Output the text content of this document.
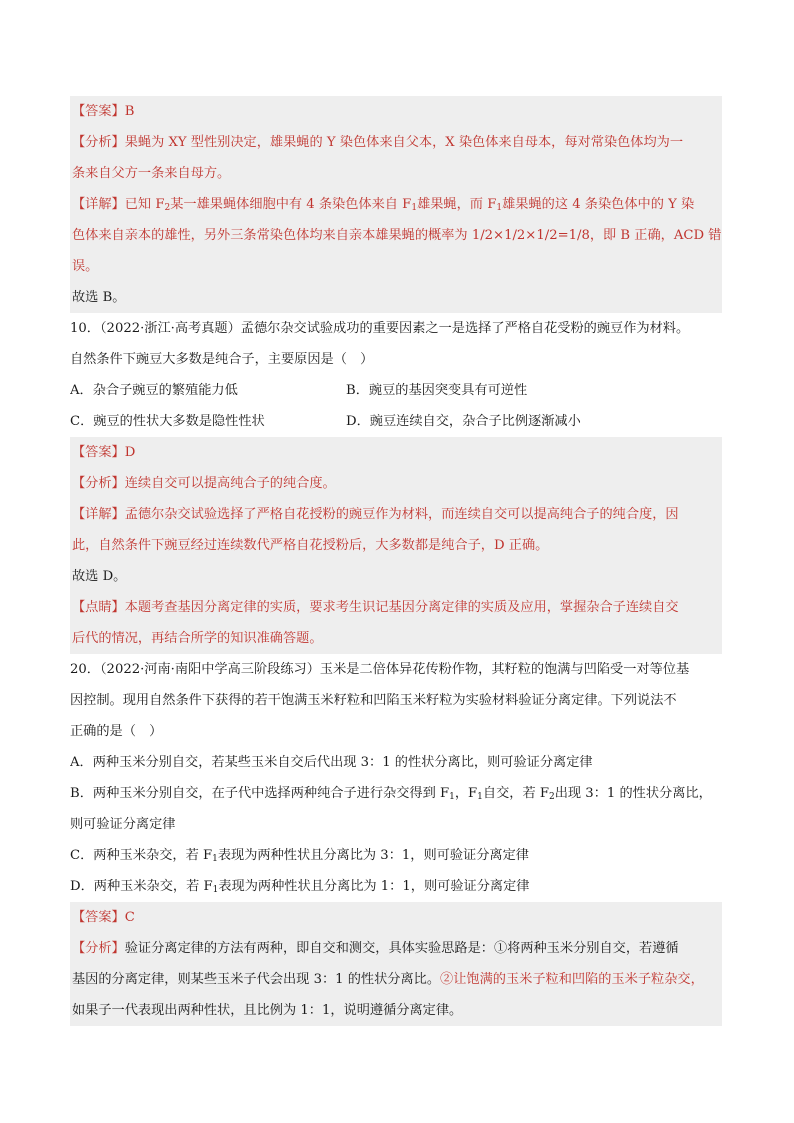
【答案】B
【分析】果蝇为 XY 型性别决定，雄果蝇的 Y 染色体来自父本，X 染色体来自母本，每对常染色体均为一
条来自父方一条来自母方。
【详解】已知 $F_2$某一雄果蝇体细胞中有 4 条染色体来自 $F_1$雄果蝇，而 $F_1$雄果蝇的这 4 条染色体中的 Y 染
色体来自亲本的雄性，另外三条常染色体均来自亲本雄果蝇的概率为 1/2×1/2×1/2=1/8，即 B 正确，ACD 错
误。
故选 B。
10．（2022·浙江·高考真题）孟德尔杂交试验成功的重要因素之一是选择了严格自花受粉的豌豆作为材料。
自然条件下豌豆大多数是纯合子，主要原因是（　）
A．杂合子豌豆的繁殖能力低	B．豌豆的基因突变具有可逆性
C．豌豆的性状大多数是隐性性状	D．豌豆连续自交，杂合子比例逐渐减小
【答案】D
【分析】连续自交可以提高纯合子的纯合度。
【详解】孟德尔杂交试验选择了严格自花授粉的豌豆作为材料，而连续自交可以提高纯合子的纯合度，因
此，自然条件下豌豆经过连续数代严格自花授粉后，大多数都是纯合子，D 正确。
故选 D。
【点睛】本题考查基因分离定律的实质，要求考生识记基因分离定律的实质及应用，掌握杂合子连续自交
后代的情况，再结合所学的知识准确答题。
20．（2022·河南·南阳中学高三阶段练习）玉米是二倍体异花传粉作物，其籽粒的饱满与凹陷受一对等位基
因控制。现用自然条件下获得的若干饱满玉米籽粒和凹陷玉米籽粒为实验材料验证分离定律。下列说法不
正确的是（　）
A．两种玉米分别自交，若某些玉米自交后代出现 3：1 的性状分离比，则可验证分离定律
B．两种玉米分别自交，在子代中选择两种纯合子进行杂交得到 $F_1$，$F_1$自交，若 $F_2$出现 3：1 的性状分离比，
则可验证分离定律
C．两种玉米杂交，若 $F_1$表现为两种性状且分离比为 3：1，则可验证分离定律
D．两种玉米杂交，若 $F_1$表现为两种性状且分离比为 1：1，则可验证分离定律
【答案】C
【分析】验证分离定律的方法有两种，即自交和测交，具体实验思路是：①将两种玉米分别自交，若遵循
基因的分离定律，则某些玉米子代会出现 3：1 的性状分离比。②让饱满的玉米子粒和凹陷的玉米子粒杂交，
如果子一代表现出两种性状，且比例为 1：1，说明遵循分离定律。
